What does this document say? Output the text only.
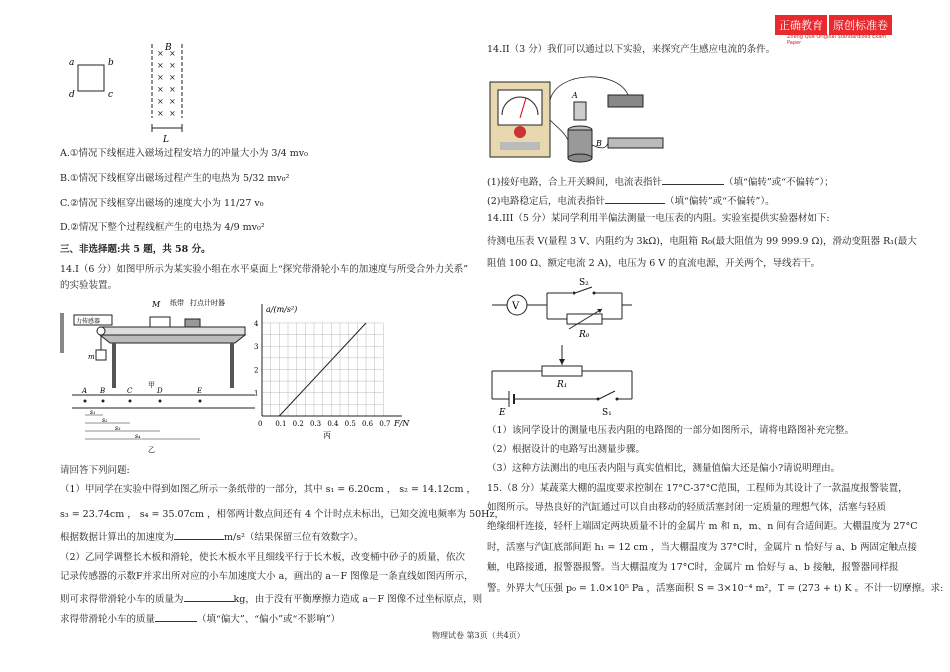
正确教育 原创标准卷
Zheng Que Original Standardized Exam Paper
a	b
c
d
× ×
× ×
× ×
× ×
× ×
× ×
B
L
A.①情况下线框进入磁场过程安培力的冲量大小为 3/4 mv₀
B.①情况下线框穿出磁场过程产生的电热为 5/32 mv₀²
C.②情况下线框穿出磁场的速度大小为 11/27 v₀
D.②情况下整个过程线框产生的电热为 4/9 mv₀²
三、非选择题:共 5 题，共 58 分。
14.I（6 分）如图甲所示为某实验小组在水平桌面上“探究带滑轮小车的加速度与所受合外力关系”
的实验装置。
力传感器
M 纸带 打点计时器
m
甲
A B	C	D	E
s₁
s₂
s₃
s₄
乙
0 0.1 0.2 0.3 0.4 0.5 0.6 0.7
1
2
3
4
F/N
a/(m/s²)
丙
请回答下列问题:
（1）甲同学在实验中得到如图乙所示一条纸带的一部分，其中 s₁ = 6.20cm ， s₂ = 14.12cm ，
s₃ = 23.74cm ， s₄ = 35.07cm ，相邻两计数点间还有 4 个计时点未标出，已知交流电频率为 50Hz，
根据数据计算出的加速度为	m/s²（结果保留三位有效数字）。
（2）乙同学调整长木板和滑轮，使长木板水平且细线平行于长木板，改变桶中砂子的质量，依次
记录传感器的示数F并求出所对应的小车加速度大小 a，画出的 a－F 图像是一条直线如图丙所示，
则可求得带滑轮小车的质量为	kg，由于没有平衡摩擦力造成 a－F 图像不过坐标原点，则
求得带滑轮小车的质量	（填“偏大”、“偏小”或“不影响”）
14.II（3 分）我们可以通过以下实验，来探究产生感应电流的条件。
A
B
(1)接好电路，合上开关瞬间，电流表指针	（填“偏转”或“不偏转”）；
(2)电路稳定后，电流表指针	（填“偏转”或“不偏转”）。
14.III（5 分）某同学利用半偏法测量一电压表的内阻。实验室提供实验器材如下:
待测电压表 V(量程 3 V、内阻约为 3kΩ)，电阻箱 R₀(最大阻值为 99 999.9 Ω)，滑动变阻器 R₁(最大
阻值 100 Ω、额定电流 2 A)，电压为 6 V 的直流电源，开关两个，导线若干。
V
S₂
R₀
R₁
E	S₁
（1）该同学设计的测量电压表内阻的电路图的一部分如图所示，请将电路图补充完整。
（2）根据设计的电路写出测量步骤。
（3）这种方法测出的电压表内阻与真实值相比，测量值偏大还是偏小?请说明理由。
15.（8 分）某蔬菜大棚的温度要求控制在 17°C-37°C范围，工程师为其设计了一款温度报警装置，
如图所示。导热良好的汽缸通过可以自由移动的轻质活塞封闭一定质量的理想气体，活塞与轻质
绝缘细杆连接，轻杆上端固定两块质量不计的金属片 m 和 n，m、n 间有合适间距。大棚温度为 27°C
时，活塞与汽缸底部间距 h₁ = 12 cm ，当大棚温度为 37°C时，金属片 n 恰好与 a、b 两固定触点接
触，电路接通，报警器报警。当大棚温度为 17°C时，金属片 m 恰好与 a、b 接触，报警器同样报
警。外界大气压强 p₀ = 1.0×10⁵ Pa ，活塞面积 S = 3×10⁻⁴ m²，T = (273 + t) K 。不计一切摩擦。求:
物理试卷 第3页（共4页）
